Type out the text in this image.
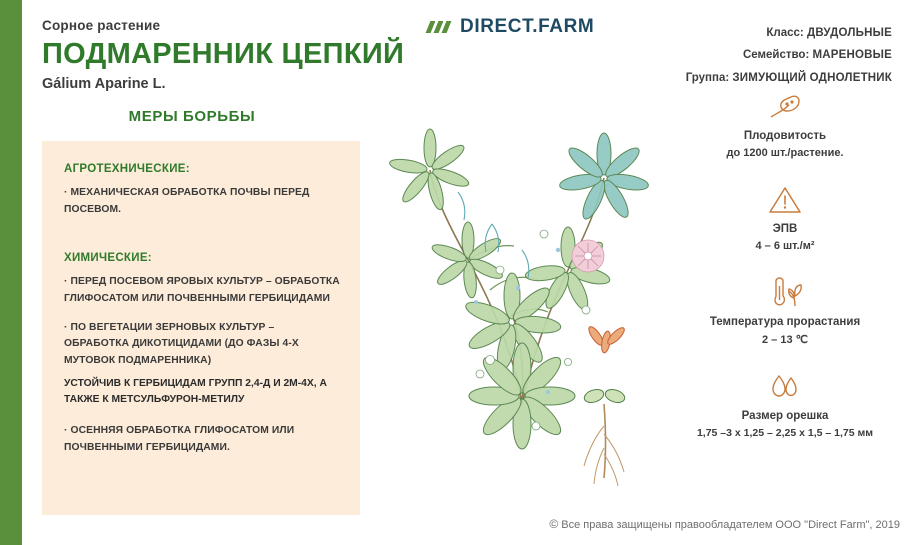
Сорное растение
ПОДМАРЕННИК ЦЕПКИЙ
Gálium Aparine L.
DIRECT.FARM	Класс: ДВУДОЛЬНЫЕ
Семейство: МАРЕНОВЫЕ
Группа: ЗИМУЮЩИЙ ОДНОЛЕТНИК
МЕРЫ БОРЬБЫ
АГРОТЕХНИЧЕСКИЕ:
· МЕХАНИЧЕСКАЯ ОБРАБОТКА ПОЧВЫ ПЕРЕД ПОСЕВОМ.
ХИМИЧЕСКИЕ:
· ПЕРЕД ПОСЕВОМ ЯРОВЫХ КУЛЬТУР – ОБРАБОТКА ГЛИФОСАТОМ ИЛИ ПОЧВЕННЫМИ ГЕРБИЦИДАМИ
· ПО ВЕГЕТАЦИИ ЗЕРНОВЫХ КУЛЬТУР – ОБРАБОТКА ДИКОТИЦИДАМИ (ДО ФАЗЫ 4-Х МУТОВОК ПОДМАРЕННИКА)
УСТОЙЧИВ К ГЕРБИЦИДАМ ГРУПП 2,4-Д И 2М-4Х, А ТАКЖЕ К МЕТСУЛЬФУРОН-МЕТИЛУ
· ОСЕННЯЯ ОБРАБОТКА ГЛИФОСАТОМ ИЛИ ПОЧВЕННЫМИ ГЕРБИЦИДАМИ.
Плодовитость
до 1200 шт./растение.
ЭПВ
4 – 6 шт./м²
Температура прорастания
2 – 13 ℃
Размер орешка
1,75 –3 x 1,25 – 2,25 x 1,5 – 1,75 мм
© Все права защищены правообладателем ООО "Direct Farm", 2019
